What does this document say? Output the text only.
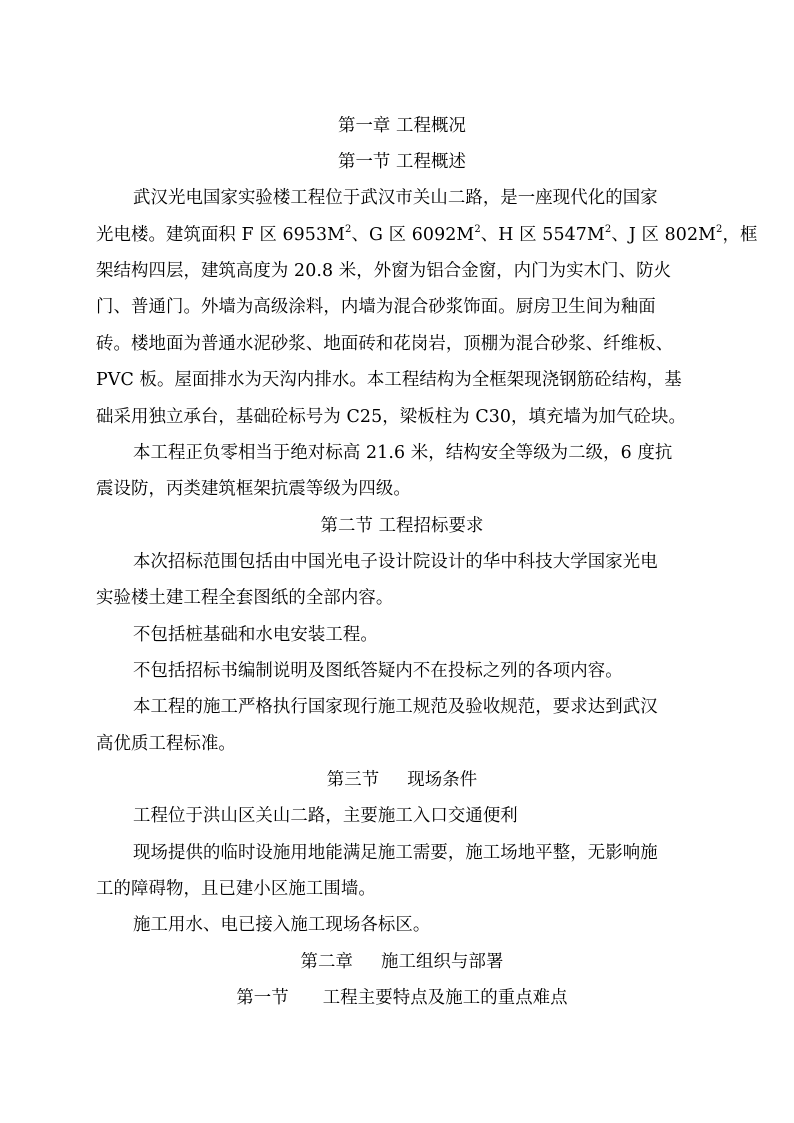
第一章 工程概况
第一节 工程概述
武汉光电国家实验楼工程位于武汉市关山二路，是一座现代化的国家
光电楼。建筑面积 F 区 $6953M^2$、G 区 $6092M^2$、H 区 $5547M^2$、J 区 $802M^2$，框
架结构四层，建筑高度为 20.8 米，外窗为铝合金窗，内门为实木门、防火
门、普通门。外墙为高级涂料，内墙为混合砂浆饰面。厨房卫生间为釉面
砖。楼地面为普通水泥砂浆、地面砖和花岗岩，顶棚为混合砂浆、纤维板、
PVC 板。屋面排水为天沟内排水。本工程结构为全框架现浇钢筋砼结构，基
础采用独立承台，基础砼标号为 C25，梁板柱为 C30，填充墙为加气砼块。
本工程正负零相当于绝对标高 21.6 米，结构安全等级为二级，6 度抗
震设防，丙类建筑框架抗震等级为四级。
第二节 工程招标要求
本次招标范围包括由中国光电子设计院设计的华中科技大学国家光电
实验楼土建工程全套图纸的全部内容。
不包括桩基础和水电安装工程。
不包括招标书编制说明及图纸答疑内不在投标之列的各项内容。
本工程的施工严格执行国家现行施工规范及验收规范，要求达到武汉
高优质工程标准。
第三节 现场条件
工程位于洪山区关山二路，主要施工入口交通便利
现场提供的临时设施用地能满足施工需要，施工场地平整，无影响施
工的障碍物，且已建小区施工围墙。
施工用水、电已接入施工现场各标区。
第二章 施工组织与部署
第一节 工程主要特点及施工的重点难点
